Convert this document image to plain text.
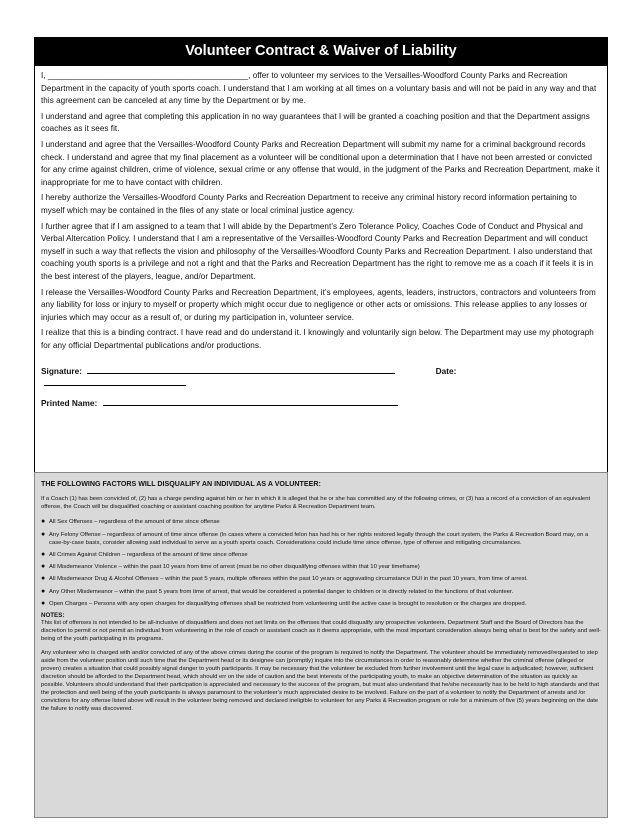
Volunteer Contract & Waiver of Liability

I, ____________________________________________, offer to volunteer my services to the Versailles-Woodford County Parks and Recreation Department in the capacity of youth sports coach. I understand that I am working at all times on a voluntary basis and will not be paid in any way and that this agreement can be canceled at any time by the Department or by me.

I understand and agree that completing this application in no way guarantees that I will be granted a coaching position and that the Department assigns coaches as it sees fit.

I understand and agree that the Versailles-Woodford County Parks and Recreation Department will submit my name for a criminal background records check. I understand and agree that my final placement as a volunteer will be conditional upon a determination that I have not been arrested or convicted for any crime against children, crime of violence, sexual crime or any offense that would, in the judgment of the Parks and Recreation Department, make it inappropriate for me to have contact with children.

I hereby authorize the Versailles-Woodford County Parks and Recreation Department to receive any criminal history record information pertaining to myself which may be contained in the files of any state or local criminal justice agency.

I further agree that if I am assigned to a team that I will abide by the Department’s Zero Tolerance Policy, Coaches Code of Conduct and Physical and Verbal Altercation Policy. I understand that I am a representative of the Versailles-Woodford County Parks and Recreation Department and will conduct myself in such a way that reflects the vision and philosophy of the Versailles-Woodford County Parks and Recreation Department. I also understand that coaching youth sports is a privilege and not a right and that the Parks and Recreation Department has the right to remove me as a coach if it feels it is in the best interest of the players, league, and/or Department.

I release the Versailles-Woodford County Parks and Recreation Department, it’s employees, agents, leaders, instructors, contractors and volunteers from any liability for loss or injury to myself or property which might occur due to negligence or other acts or omissions. This release applies to any losses or injuries which may occur as a result of, or during my participation in, volunteer service.

I realize that this is a binding contract. I have read and do understand it. I knowingly and voluntarily sign below. The Department may use my photograph for any official Departmental publications and/or productions.

Signature:	Date:
Printed Name:

THE FOLLOWING FACTORS WILL DISQUALIFY AN INDIVIDUAL AS A VOLUNTEER:

If a Coach (1) has been convicted of, (2) has a charge pending against him or her in which it is alleged that he or she has committed any of the following crimes, or (3) has a record of a conviction of an equivalent offense, the Coach will be disqualified coaching or assistant coaching position for anytime Parks & Recreation Department team.

● All Sex Offenses – regardless of the amount of time since offense
● Any Felony Offense – regardless of amount of time since offense (In cases where a convicted felon has had his or her rights restored legally through the court system, the Parks & Recreation Board may, on a case-by-case basis, consider allowing said individual to serve as a youth sports coach. Considerations could include time since offense, type of offense and mitigating circumstances.
● All Crimes Against Children – regardless of the amount of time since offense
● All Misdemeanor Violence – within the past 10 years from time of arrest (must be no other disqualifying offenses within that 10 year timeframe)
● All Misdemeanor Drug & Alcohol Offenses – within the past 5 years, multiple offenses within the past 10 years or aggravating circumstance DUI in the past 10 years, from time of arrest.
● Any Other Misdemeanor – within the past 5 years from time of arrest, that would be considered a potential danger to children or is directly related to the functions of that volunteer.
● Open Charges – Persons with any open charges for disqualifying offenses shall be restricted from volunteering until the active case is brought to resolution or the charges are dropped.

NOTES:

This list of offenses is not intended to be all-inclusive of disqualifiers and does not set limits on the offenses that could disqualify any prospective volunteers. Department Staff and the Board of Directors has the discretion to permit or not permit an individual from volunteering in the role of coach or assistant coach as it deems appropriate, with the most important consideration always being what is best for the safety and well-being of the youth participating in its programs.

Any volunteer who is charged with and/or convicted of any of the above crimes during the course of the program is required to notify the Department. The volunteer should be immediately removed/requested to step aside from the volunteer position until such time that the Department head or its designee can (promptly) inquire into the circumstances in order to reasonably determine whether the criminal offense (alleged or proven) creates a situation that could possibly signal danger to youth participants. It may be necessary that the volunteer be excluded from further involvement until the legal case is adjudicated; however, sufficient discretion should be afforded to the Department head, which should err on the side of caution and the best interests of the participating youth, to make an objective determination of the situation as quickly as possible. Volunteers should understand that their participation is appreciated and necessary to the success of the program, but must also understand that he/she necessarily has to be held to high standards and that the protection and well being of the youth participants is always paramount to the volunteer’s much appreciated desire to be involved. Failure on the part of a volunteer to notify the Department of arrests and /or convictions for any offense listed above will result in the volunteer being removed and declared ineligible to volunteer for any Parks & Recreation program or role for a minimum of five (5) years beginning on the date the failure to notify was discovered.
